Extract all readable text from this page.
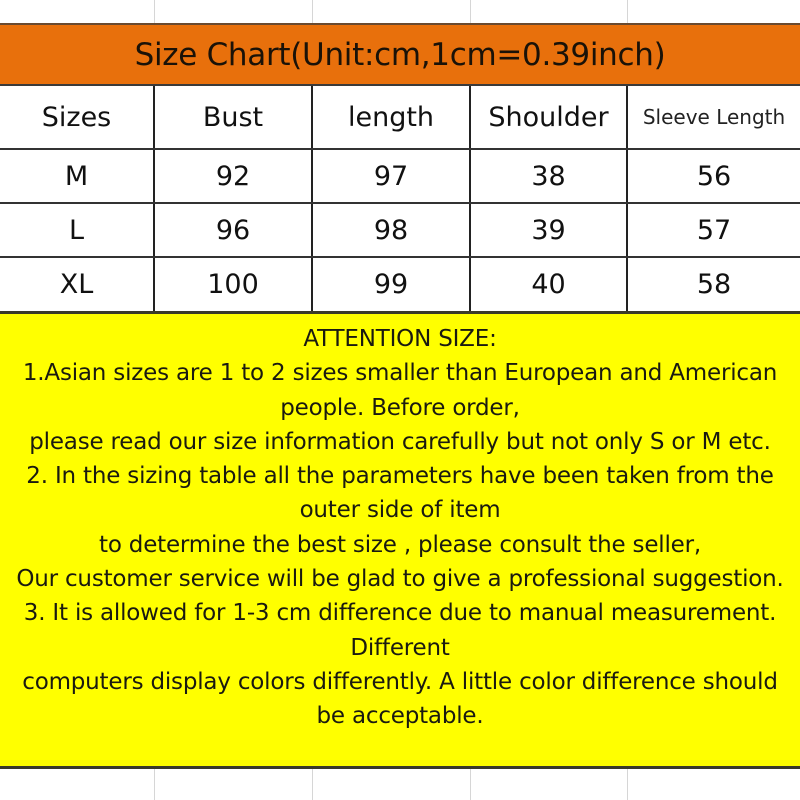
Size Chart(Unit:cm,1cm=0.39inch)
Sizes	Bust	length	Shoulder	Sleeve Length
M	92	97	38	56
L	96	98	39	57
XL	100	99	40	58
ATTENTION SIZE:
1.Asian sizes are 1 to 2 sizes smaller than European and American
people. Before order,
please read our size information carefully but not only S or M etc.
2. In the sizing table all the parameters have been taken from the
outer side of item
to determine the best size , please consult the seller,
Our customer service will be glad to give a professional suggestion.
3. It is allowed for 1-3 cm difference due to manual measurement.
Different
computers display colors differently. A little color difference should
be acceptable.
